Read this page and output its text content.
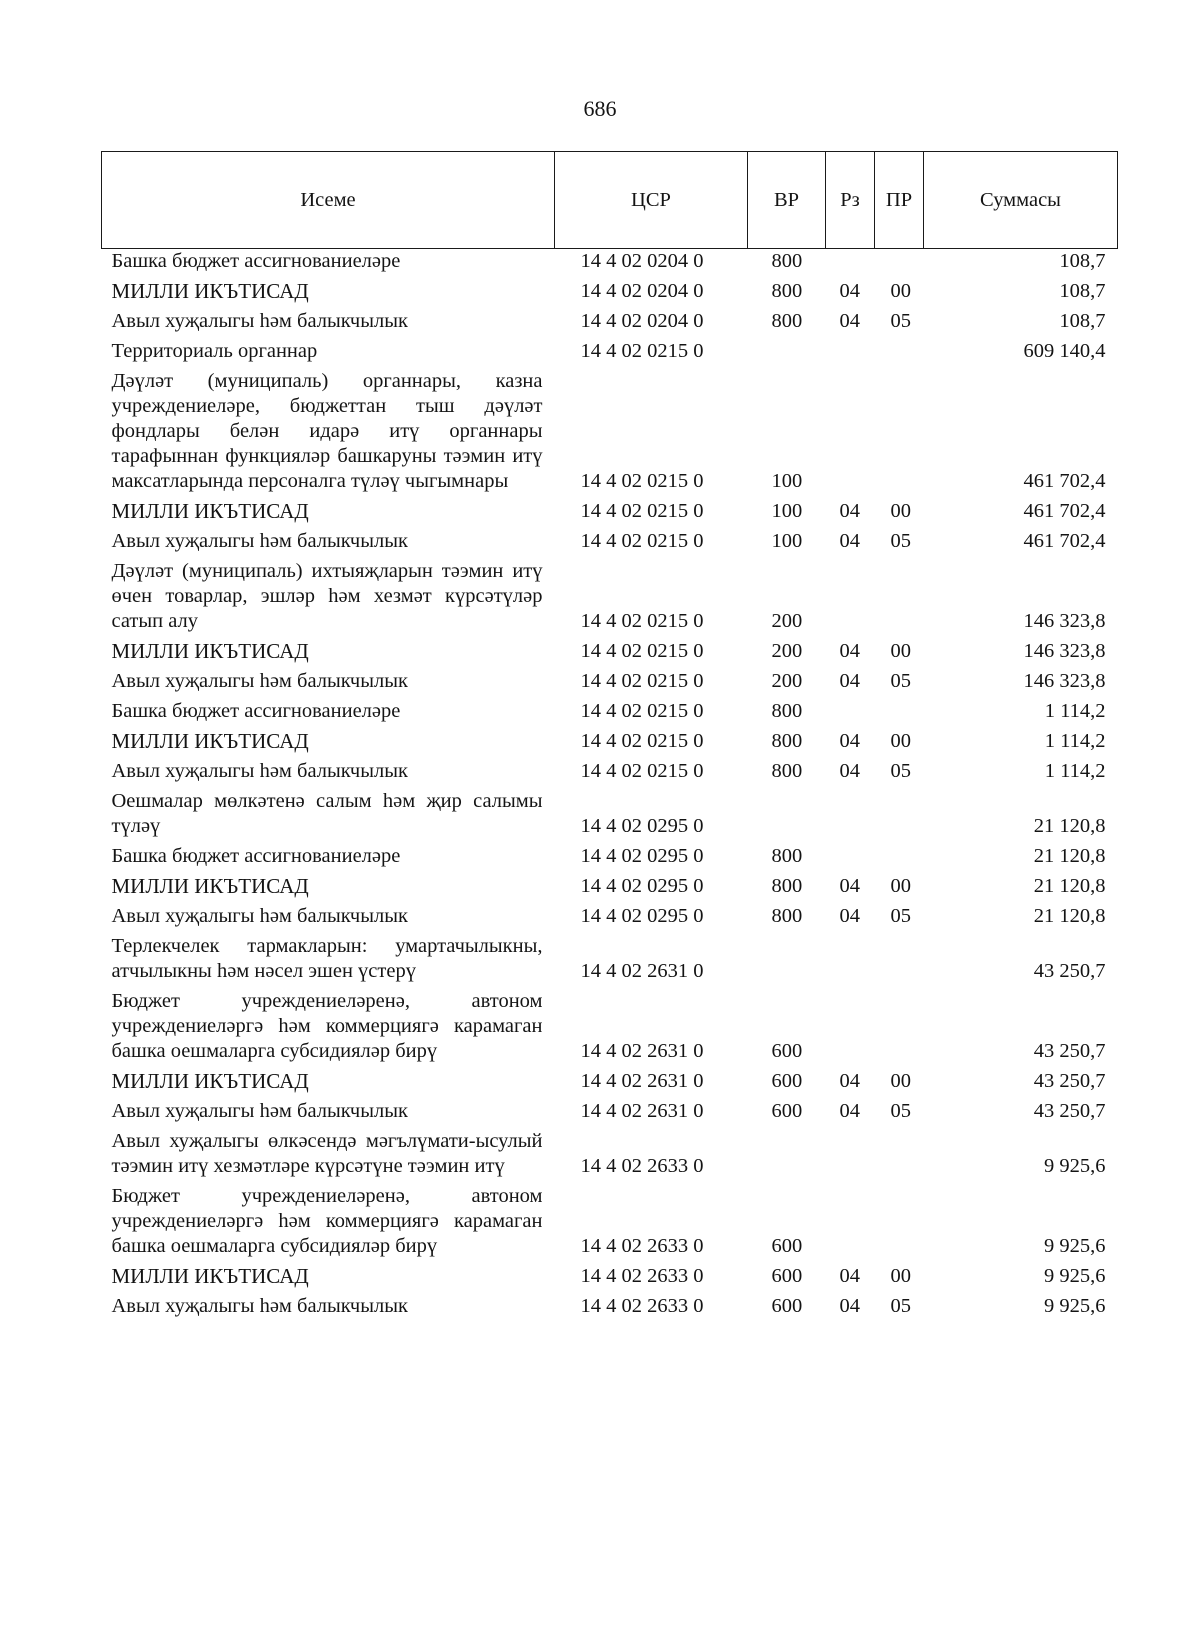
686
Исеме	ЦСР	ВР	Рз	ПР	Суммасы
Башка бюджет ассигнованиеләре	14 4 02 0204 0	800			108,7
МИЛЛИ ИКЪТИСАД	14 4 02 0204 0	800	04	00	108,7
Авыл хуҗалыгы һәм балыкчылык	14 4 02 0204 0	800	04	05	108,7
Территориаль органнар	14 4 02 0215 0				609 140,4
Дәүләт (муниципаль) органнары, казна учреждениеләре, бюджеттан тыш дәүләт фондлары белән идарә итү органнары тарафыннан функцияләр башкаруны тәэмин итү максатларында персоналга түләү чыгымнары	14 4 02 0215 0	100			461 702,4
МИЛЛИ ИКЪТИСАД	14 4 02 0215 0	100	04	00	461 702,4
Авыл хуҗалыгы һәм балыкчылык	14 4 02 0215 0	100	04	05	461 702,4
Дәүләт (муниципаль) ихтыяҗларын тәэмин итү өчен товарлар, эшләр һәм хезмәт күрсәтүләр сатып алу	14 4 02 0215 0	200			146 323,8
МИЛЛИ ИКЪТИСАД	14 4 02 0215 0	200	04	00	146 323,8
Авыл хуҗалыгы һәм балыкчылык	14 4 02 0215 0	200	04	05	146 323,8
Башка бюджет ассигнованиеләре	14 4 02 0215 0	800			1 114,2
МИЛЛИ ИКЪТИСАД	14 4 02 0215 0	800	04	00	1 114,2
Авыл хуҗалыгы һәм балыкчылык	14 4 02 0215 0	800	04	05	1 114,2
Оешмалар мөлкәтенә салым һәм җир салымы түләү	14 4 02 0295 0				21 120,8
Башка бюджет ассигнованиеләре	14 4 02 0295 0	800			21 120,8
МИЛЛИ ИКЪТИСАД	14 4 02 0295 0	800	04	00	21 120,8
Авыл хуҗалыгы һәм балыкчылык	14 4 02 0295 0	800	04	05	21 120,8
Терлекчелек тармакларын: умартачылыкны, атчылыкны һәм нәсел эшен үстерү	14 4 02 2631 0				43 250,7
Бюджет учреждениеләренә, автоном учреждениеләргә һәм коммерциягә карамаган башка оешмаларга субсидияләр бирү	14 4 02 2631 0	600			43 250,7
МИЛЛИ ИКЪТИСАД	14 4 02 2631 0	600	04	00	43 250,7
Авыл хуҗалыгы һәм балыкчылык	14 4 02 2631 0	600	04	05	43 250,7
Авыл хуҗалыгы өлкәсендә мәгълүмати-ысулый тәэмин итү хезмәтләре күрсәтүне тәэмин итү	14 4 02 2633 0				9 925,6
Бюджет учреждениеләренә, автоном учреждениеләргә һәм коммерциягә карамаган башка оешмаларга субсидияләр бирү	14 4 02 2633 0	600			9 925,6
МИЛЛИ ИКЪТИСАД	14 4 02 2633 0	600	04	00	9 925,6
Авыл хуҗалыгы һәм балыкчылык	14 4 02 2633 0	600	04	05	9 925,6
